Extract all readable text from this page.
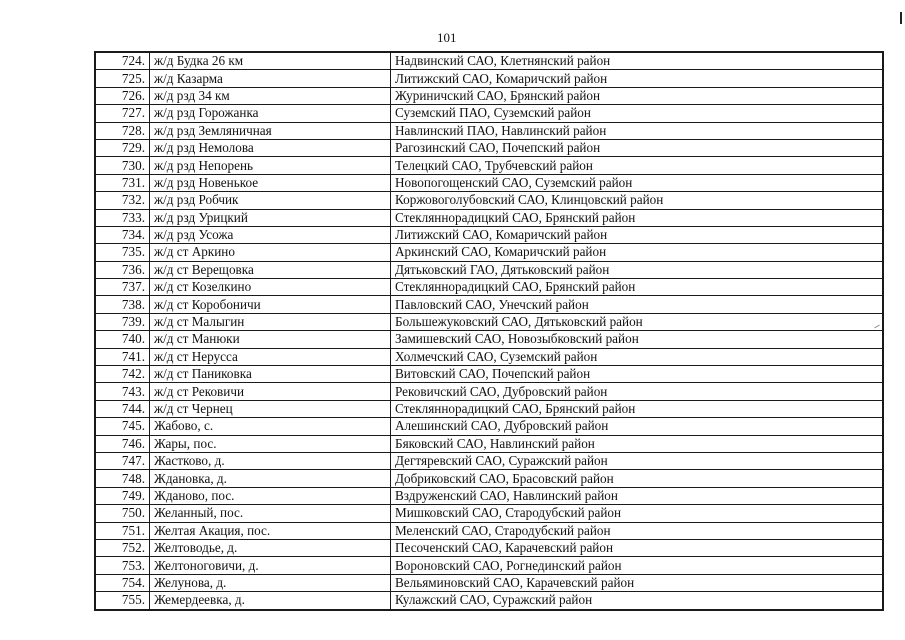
101
724.	ж/д Будка 26 км	Надвинский САО, Клетнянский район
725.	ж/д Казарма	Литижский САО, Комаричский район
726.	ж/д рзд 34 км	Журиничский САО, Брянский район
727.	ж/д рзд Горожанка	Суземский ПАО, Суземский район
728.	ж/д рзд Земляничная	Навлинский ПАО, Навлинский район
729.	ж/д рзд Немолова	Рагозинский САО, Почепский район
730.	ж/д рзд Непорень	Телецкий САО, Трубчевский район
731.	ж/д рзд Новенькое	Новопогощенский САО, Суземский район
732.	ж/д рзд Робчик	Коржовоголубовский САО, Клинцовский район
733.	ж/д рзд Урицкий	Стекляннорадицкий САО, Брянский район
734.	ж/д рзд Усожа	Литижский САО, Комаричский район
735.	ж/д ст Аркино	Аркинский САО, Комаричский район
736.	ж/д ст Верещовка	Дятьковский ГАО, Дятьковский район
737.	ж/д ст Козелкино	Стекляннорадицкий САО, Брянский район
738.	ж/д ст Коробоничи	Павловский САО, Унечский район
739.	ж/д ст Малыгин	Большежуковский САО, Дятьковский район
740.	ж/д ст Манюки	Замишевский САО, Новозыбковский район
741.	ж/д ст Нерусса	Холмечский САО, Суземский район
742.	ж/д ст Паниковка	Витовский САО, Почепский район
743.	ж/д ст Рековичи	Рековичский САО, Дубровский район
744.	ж/д ст Чернец	Стекляннорадицкий САО, Брянский район
745.	Жабово, с.	Алешинский САО, Дубровский район
746.	Жары, пос.	Бяковский САО, Навлинский район
747.	Жастково, д.	Дегтяревский САО, Суражский район
748.	Ждановка, д.	Добриковский САО, Брасовский район
749.	Жданово, пос.	Вздруженский САО, Навлинский район
750.	Желанный, пос.	Мишковский САО, Стародубский район
751.	Желтая Акация, пос.	Меленский САО, Стародубский район
752.	Желтоводье, д.	Песоченский САО, Карачевский район
753.	Желтоноговичи, д.	Вороновский САО, Рогнединский район
754.	Желунова, д.	Вельяминовский САО, Карачевский район
755.	Жемердеевка, д.	Кулажский САО, Суражский район
